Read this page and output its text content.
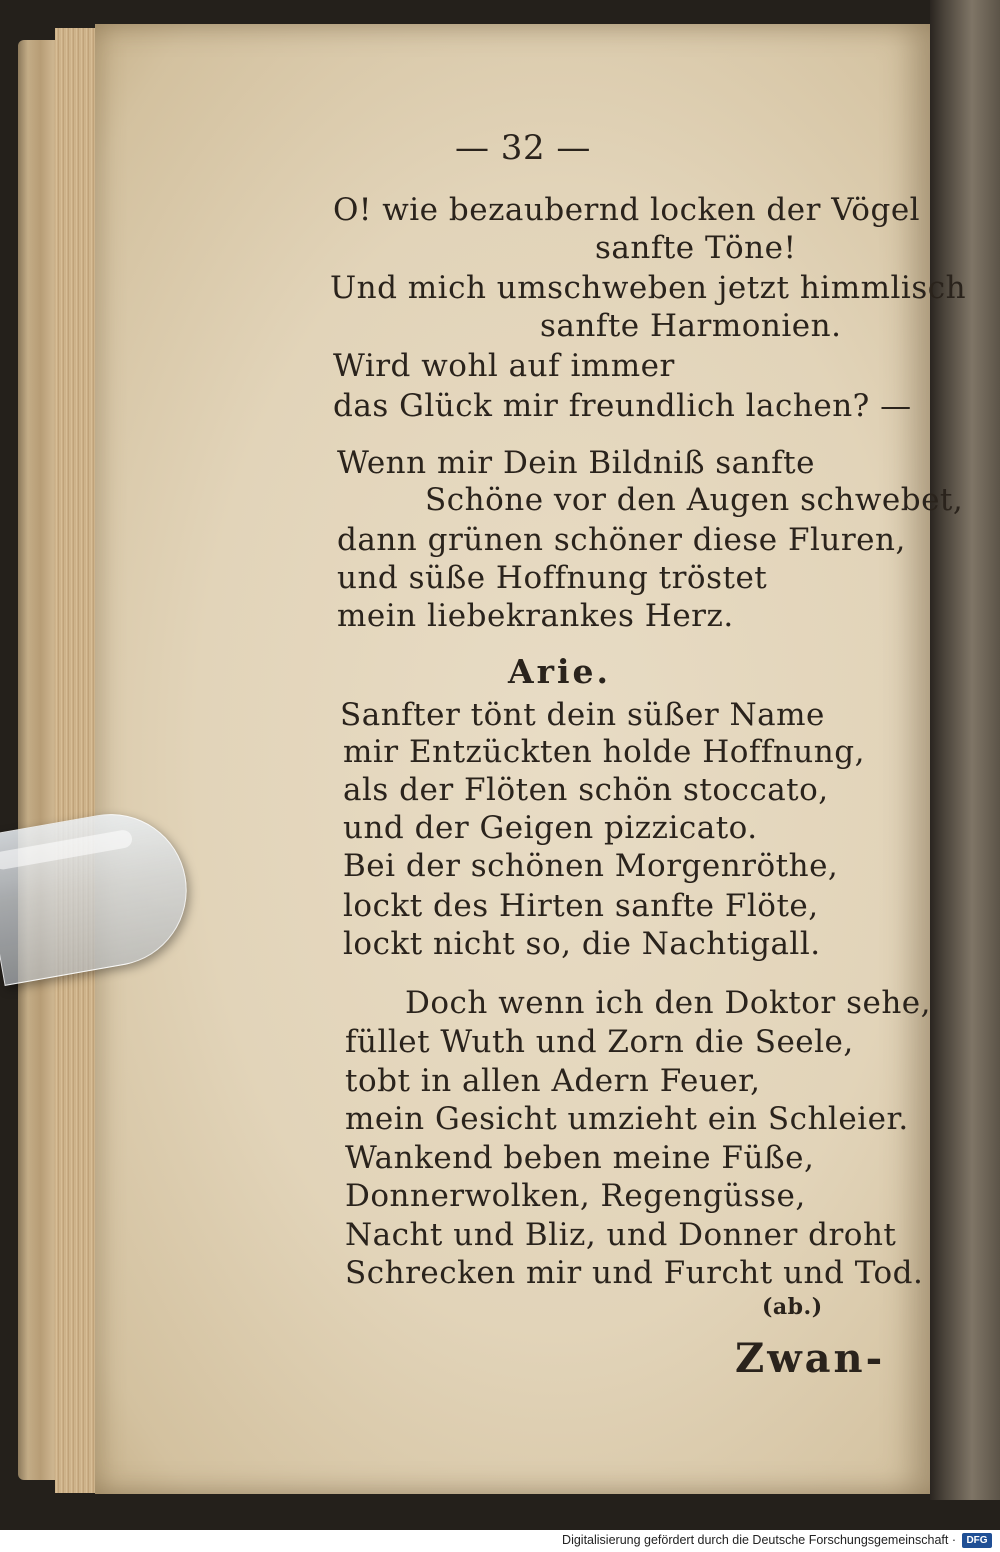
— 32 —
O! wie bezaubernd locken der Vögel
sanfte Töne!
Und mich umschweben jetzt himmlisch
sanfte Harmonien.
Wird wohl auf immer
das Glück mir freundlich lachen? —
Wenn mir Dein Bildniß sanfte
Schöne vor den Augen schwebet,
dann grünen schöner diese Fluren,
und süße Hoffnung tröstet
mein liebekrankes Herz.
Arie.
Sanfter tönt dein süßer Name
mir Entzückten holde Hoffnung,
als der Flöten schön stoccato,
und der Geigen pizzicato.
Bei der schönen Morgenröthe,
lockt des Hirten sanfte Flöte,
lockt nicht so, die Nachtigall.
Doch wenn ich den Doktor sehe,
füllet Wuth und Zorn die Seele,
tobt in allen Adern Feuer,
mein Gesicht umzieht ein Schleier.
Wankend beben meine Füße,
Donnerwolken, Regengüsse,
Nacht und Bliz, und Donner droht
Schrecken mir und Furcht und Tod.
(ab.)
Zwan-
Digitalisierung gefördert durch die Deutsche Forschungsgemeinschaft ·	DFG
